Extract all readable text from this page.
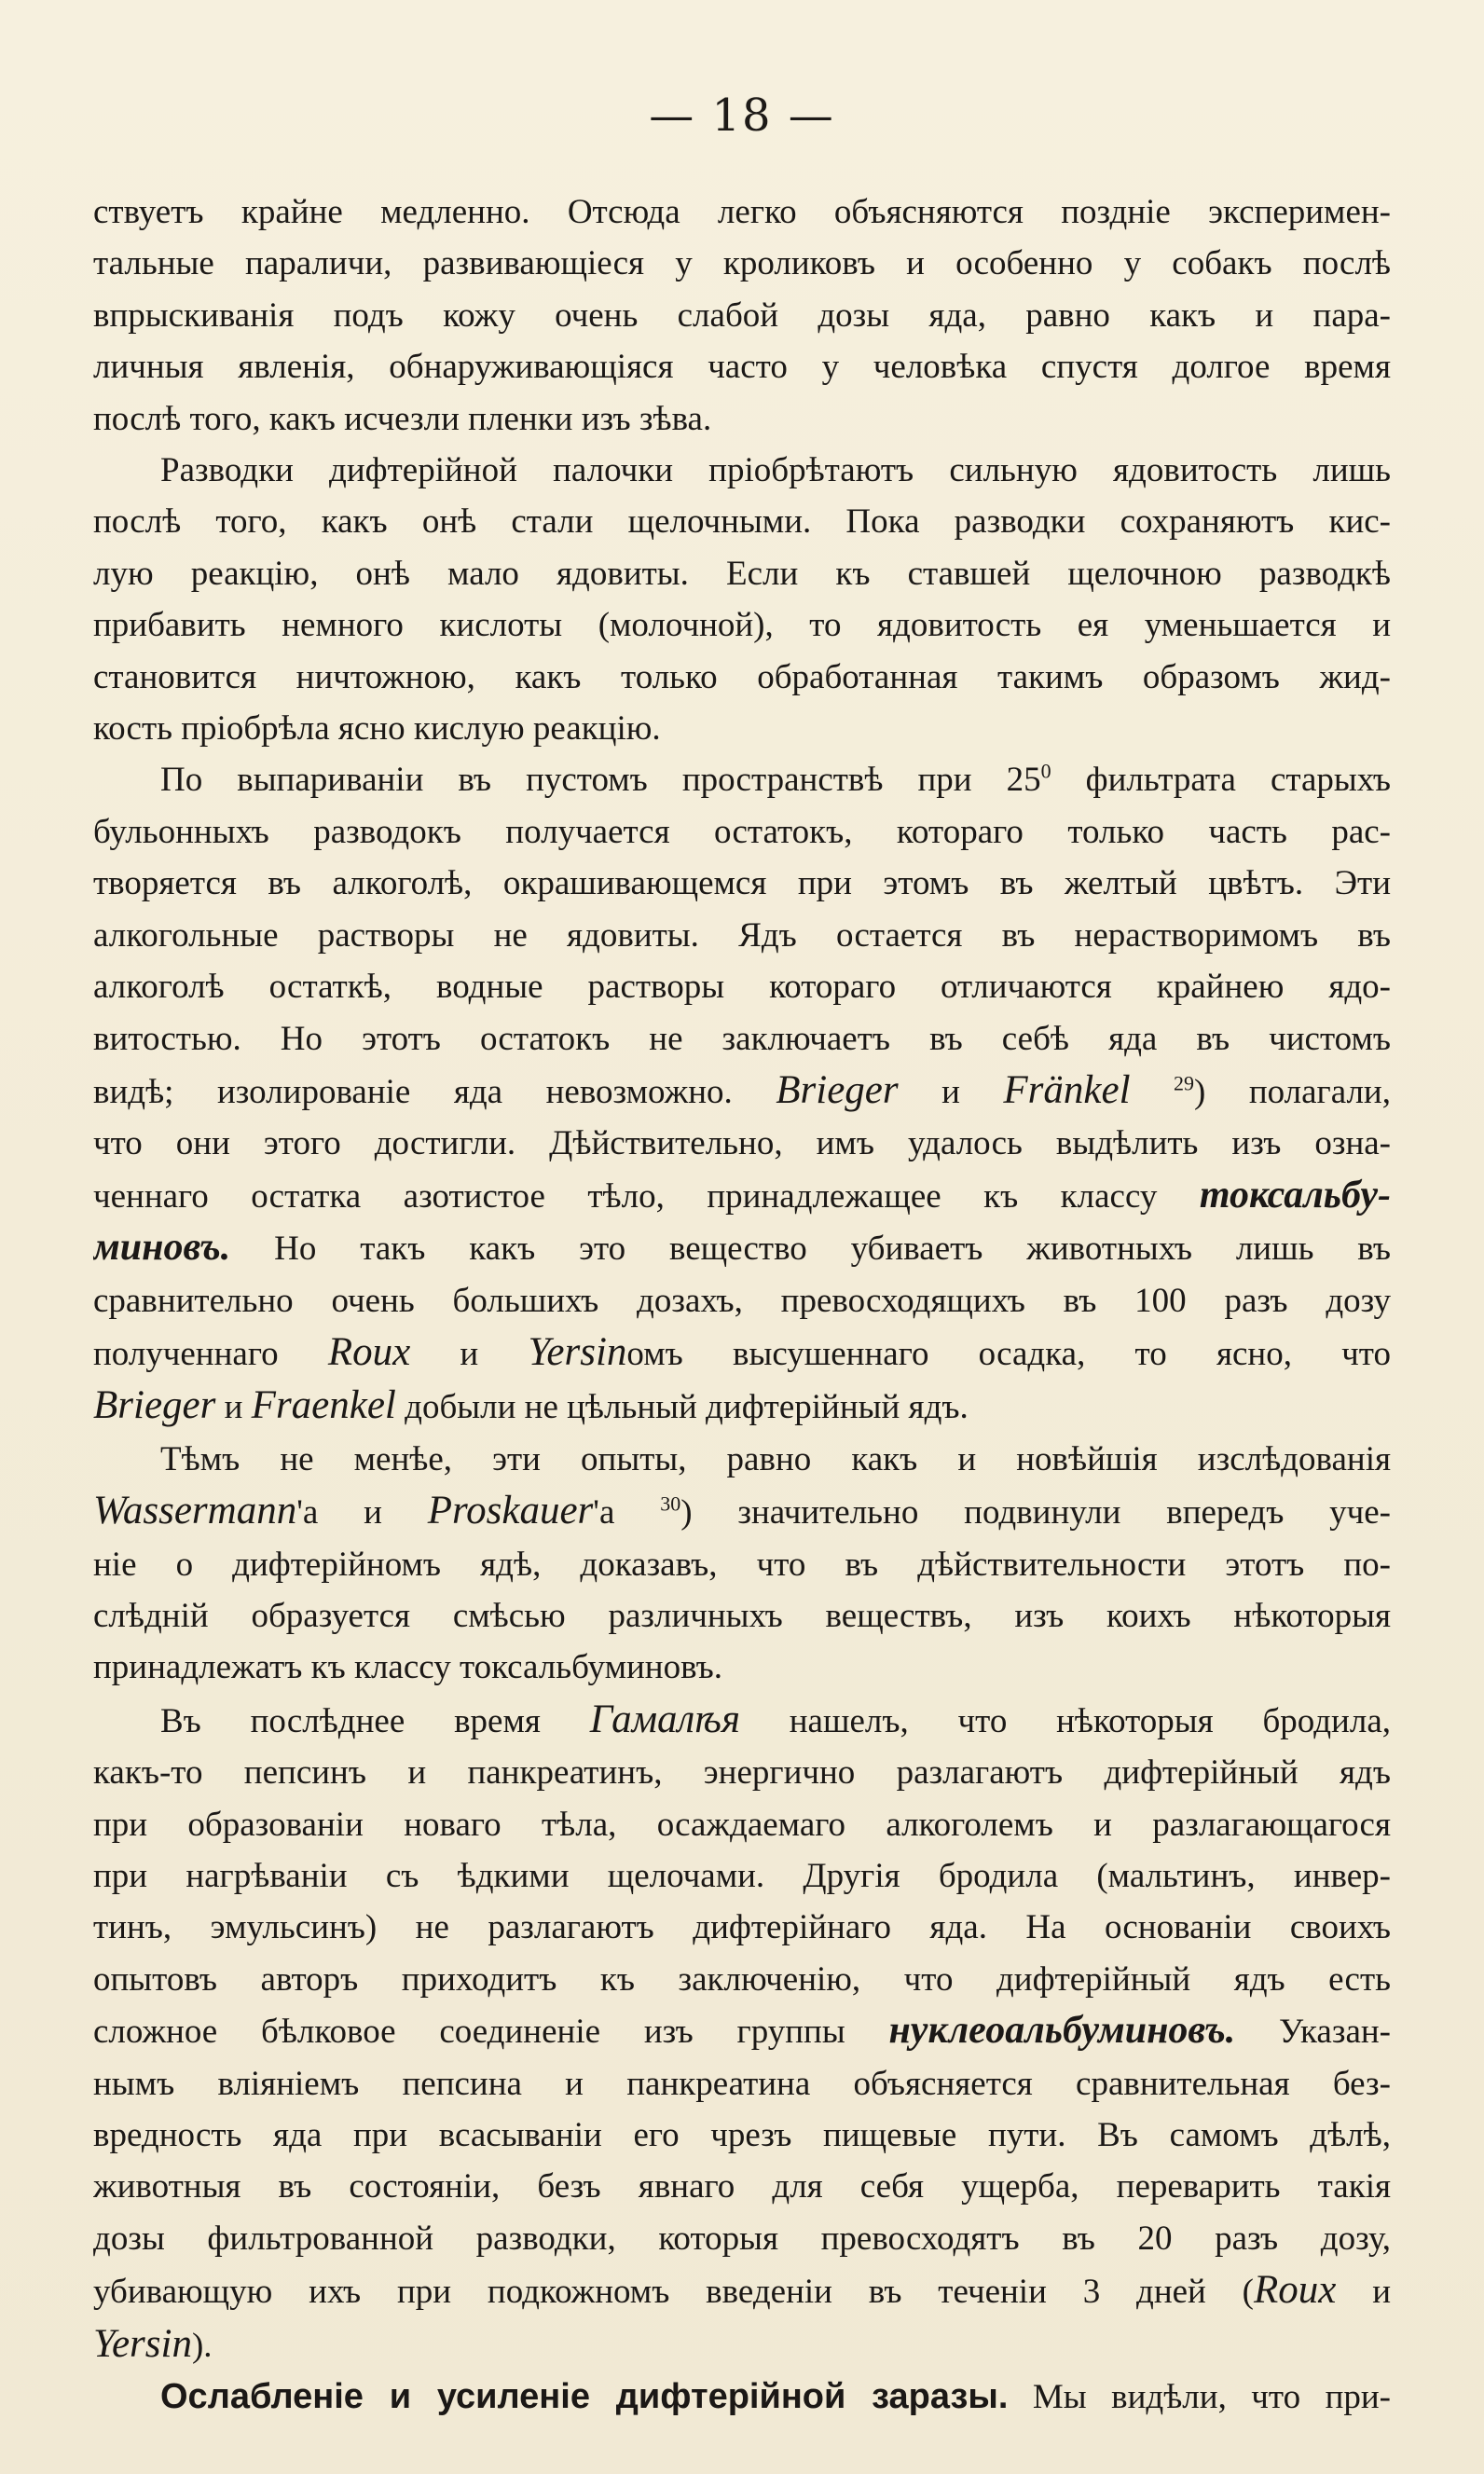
— 18 —
ствуетъ крайне медленно. Отсюда легко объясняются поздніе эксперимен-
тальные параличи, развивающіеся у кроликовъ и особенно у собакъ послѣ
впрыскиванія подъ кожу очень слабой дозы яда, равно какъ и пара-
личныя явленія, обнаруживающіяся часто у человѣка спустя долгое время
послѣ того, какъ исчезли пленки изъ зѣва.
Разводки дифтерійной палочки пріобрѣтаютъ сильную ядовитость лишь
послѣ того, какъ онѣ стали щелочными. Пока разводки сохраняютъ кис-
лую реакцію, онѣ мало ядовиты. Если къ ставшей щелочною разводкѣ
прибавить немного кислоты (молочной), то ядовитость ея уменьшается и
становится ничтожною, какъ только обработанная такимъ образомъ жид-
кость пріобрѣла ясно кислую реакцію.
По выпариваніи въ пустомъ пространствѣ при $25^0$ фильтрата старыхъ
бульонныхъ разводокъ получается остатокъ, котораго только часть рас-
творяется въ алкоголѣ, окрашивающемся при этомъ въ желтый цвѣтъ. Эти
алкогольные растворы не ядовиты. Ядъ остается въ нерастворимомъ въ
алкоголѣ остаткѣ, водные растворы котораго отличаются крайнею ядо-
витостью. Но этотъ остатокъ не заключаетъ въ себѣ яда въ чистомъ
видѣ; изолированіе яда невозможно. Brieger и Fränkel $^{29}$) полагали,
что они этого достигли. Дѣйствительно, имъ удалось выдѣлить изъ озна-
ченнаго остатка азотистое тѣло, принадлежащее къ классу токсальбу-
миновъ. Но такъ какъ это вещество убиваетъ животныхъ лишь въ
сравнительно очень большихъ дозахъ, превосходящихъ въ 100 разъ дозу
полученнаго Roux и Yersinомъ высушеннаго осадка, то ясно, что
Brieger и Fraenkel добыли не цѣльный дифтерійный ядъ.
Тѣмъ не менѣе, эти опыты, равно какъ и новѣйшія изслѣдованія
Wassermann'а и Proskauer'а $^{30}$) значительно подвинули впередъ уче-
ніе о дифтерійномъ ядѣ, доказавъ, что въ дѣйствительности этотъ по-
слѣдній образуется смѣсью различныхъ веществъ, изъ коихъ нѣкоторыя
принадлежатъ къ классу токсальбуминовъ.
Въ послѣднее время Гамалѣя нашелъ, что нѣкоторыя бродила,
какъ-то пепсинъ и панкреатинъ, энергично разлагаютъ дифтерійный ядъ
при образованіи новаго тѣла, осаждаемаго алкоголемъ и разлагающагося
при нагрѣваніи съ ѣдкими щелочами. Другія бродила (мальтинъ, инвер-
тинъ, эмульсинъ) не разлагаютъ дифтерійнаго яда. На основаніи своихъ
опытовъ авторъ приходитъ къ заключенію, что дифтерійный ядъ есть
сложное бѣлковое соединеніе изъ группы нуклеоальбуминовъ. Указан-
нымъ вліяніемъ пепсина и панкреатина объясняется сравнительная без-
вредность яда при всасываніи его чрезъ пищевые пути. Въ самомъ дѣлѣ,
животныя въ состояніи, безъ явнаго для себя ущерба, переварить такія
дозы фильтрованной разводки, которыя превосходятъ въ 20 разъ дозу,
убивающую ихъ при подкожномъ введеніи въ теченіи 3 дней (Roux и
Yersin).
Ослабленіе и усиленіе дифтерійной заразы. Мы видѣли, что при-
